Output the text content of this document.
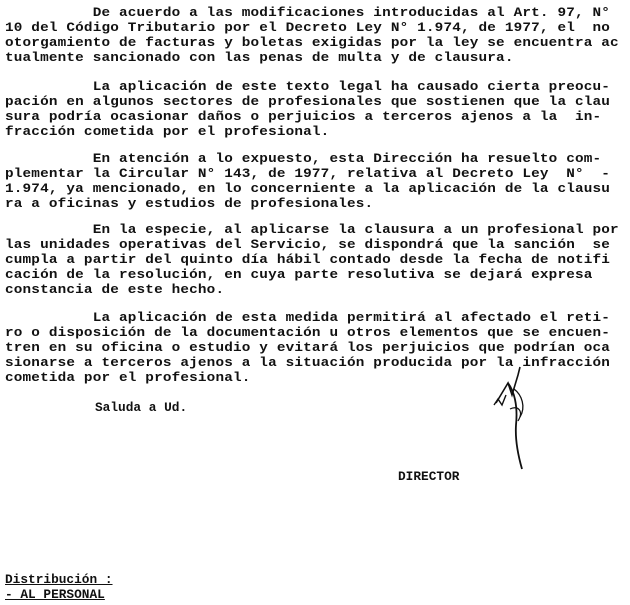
De acuerdo a las modificaciones introducidas al Art. 97, N°
10 del Código Tributario por el Decreto Ley N° 1.974, de 1977, el  no
otorgamiento de facturas y boletas exigidas por la ley se encuentra ac
tualmente sancionado con las penas de multa y de clausura.
La aplicación de este texto legal ha causado cierta preocu-
pación en algunos sectores de profesionales que sostienen que la clau
sura podría ocasionar daños o perjuicios a terceros ajenos a la  in-
fracción cometida por el profesional.
En atención a lo expuesto, esta Dirección ha resuelto com-
plementar la Circular N° 143, de 1977, relativa al Decreto Ley  N°  -
1.974, ya mencionado, en lo concerniente a la aplicación de la clausu
ra a oficinas y estudios de profesionales.
En la especie, al aplicarse la clausura a un profesional por
las unidades operativas del Servicio, se dispondrá que la sanción  se
cumpla a partir del quinto día hábil contado desde la fecha de notifi
cación de la resolución, en cuya parte resolutiva se dejará expresa
constancia de este hecho.
La aplicación de esta medida permitirá al afectado el reti-
ro o disposición de la documentación u otros elementos que se encuen-
tren en su oficina o estudio y evitará los perjuicios que podrían oca
sionarse a terceros ajenos a la situación producida por la infracción
cometida por el profesional.
Saluda a Ud.
DIRECTOR
Distribución :
- AL PERSONAL
